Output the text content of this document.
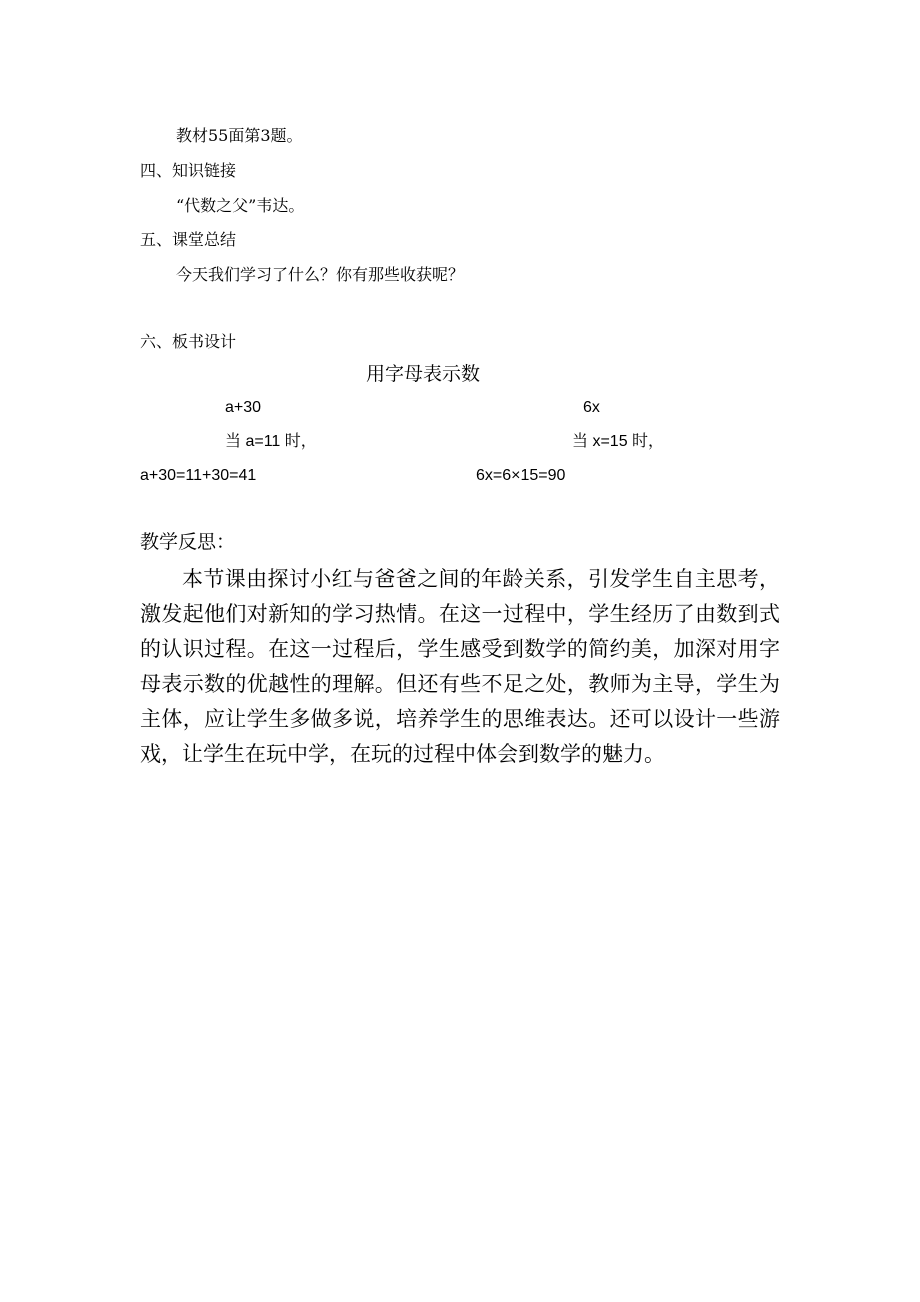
教材55面第3题。
四、知识链接
“代数之父”韦达。
五、课堂总结
今天我们学习了什么？你有那些收获呢？
六、板书设计
用字母表示数
a+30	6x
当 a=11 时，	当 x=15 时，
a+30=11+30=41	6x=6×15=90
教学反思：
本节课由探讨小红与爸爸之间的年龄关系，引发学生自主思考，激发起他们对新知的学习热情。在这一过程中，学生经历了由数到式的认识过程。在这一过程后，学生感受到数学的简约美，加深对用字母表示数的优越性的理解。但还有些不足之处，教师为主导，学生为主体，应让学生多做多说，培养学生的思维表达。还可以设计一些游戏，让学生在玩中学，在玩的过程中体会到数学的魅力。
